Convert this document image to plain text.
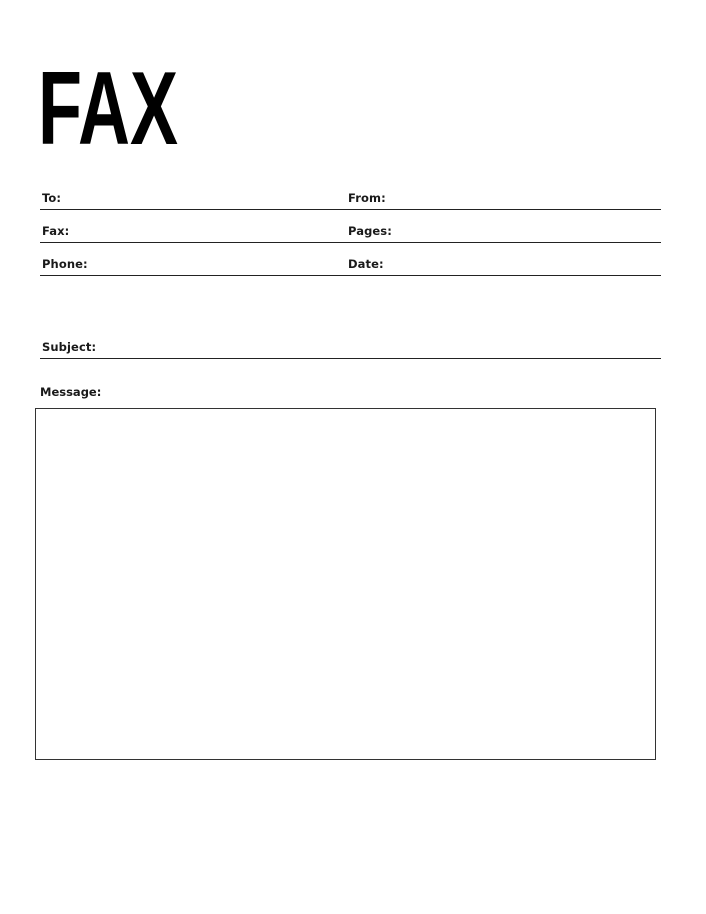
FAX
To:	From:
Fax:	Pages:
Phone:	Date:
Subject:
Message:
